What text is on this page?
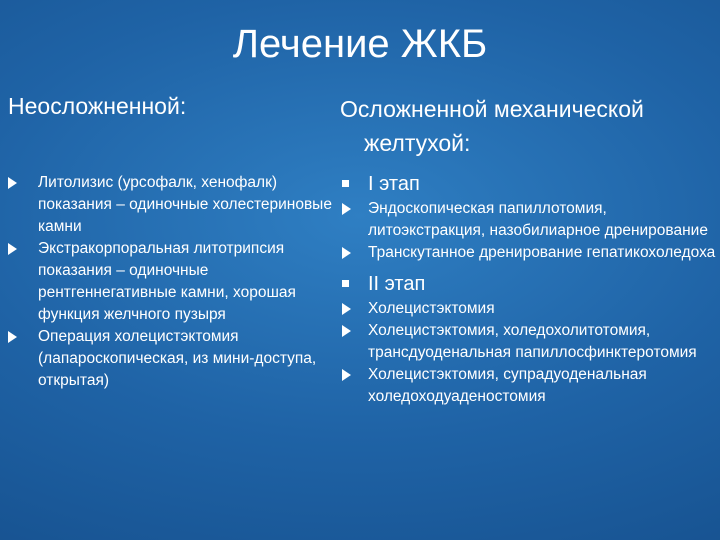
Лечение ЖКБ
Неосложненной:	Осложненной механической
желтухой:
Литолизис (урсофалк, хенофалк) показания – одиночные холестериновые камни
Экстракорпоральная литотрипсия показания – одиночные рентгеннегативные камни, хорошая функция желчного пузыря
Операция холецистэктомия (лапароскопическая, из мини-доступа, открытая)
I этап
Эндоскопическая папиллотомия, литоэкстракция, назобилиарное дренирование
Транскутанное дренирование гепатикохоледоха
II этап
Холецистэктомия
Холецистэктомия, холедохолитотомия, трансдуоденальная папиллосфинктеротомия
Холецистэктомия, супрадуоденальная холедоходуаденостомия
